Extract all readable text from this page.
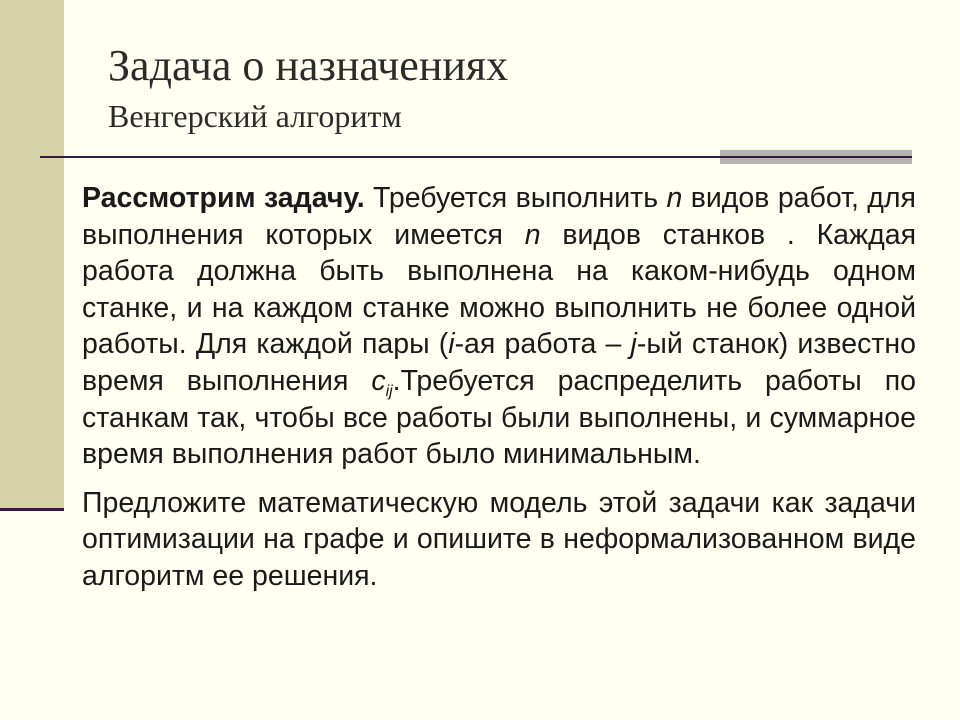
Задача о назначениях
Венгерский алгоритм

Рассмотрим задачу. Требуется выполнить n видов работ, для выполнения которых имеется n видов станков . Каждая работа должна быть выполнена на каком-нибудь одном станке, и на каждом станке можно выполнить не более одной работы. Для каждой пары (i-ая работа – j-ый станок) известно время выполнения $c_{ij}.Требуется$ распределить работы по станкам так, чтобы все работы были выполнены, и суммарное время выполнения работ было минимальным.

Предложите математическую модель этой задачи как задачи оптимизации на графе и опишите в неформализованном виде алгоритм ее решения.
